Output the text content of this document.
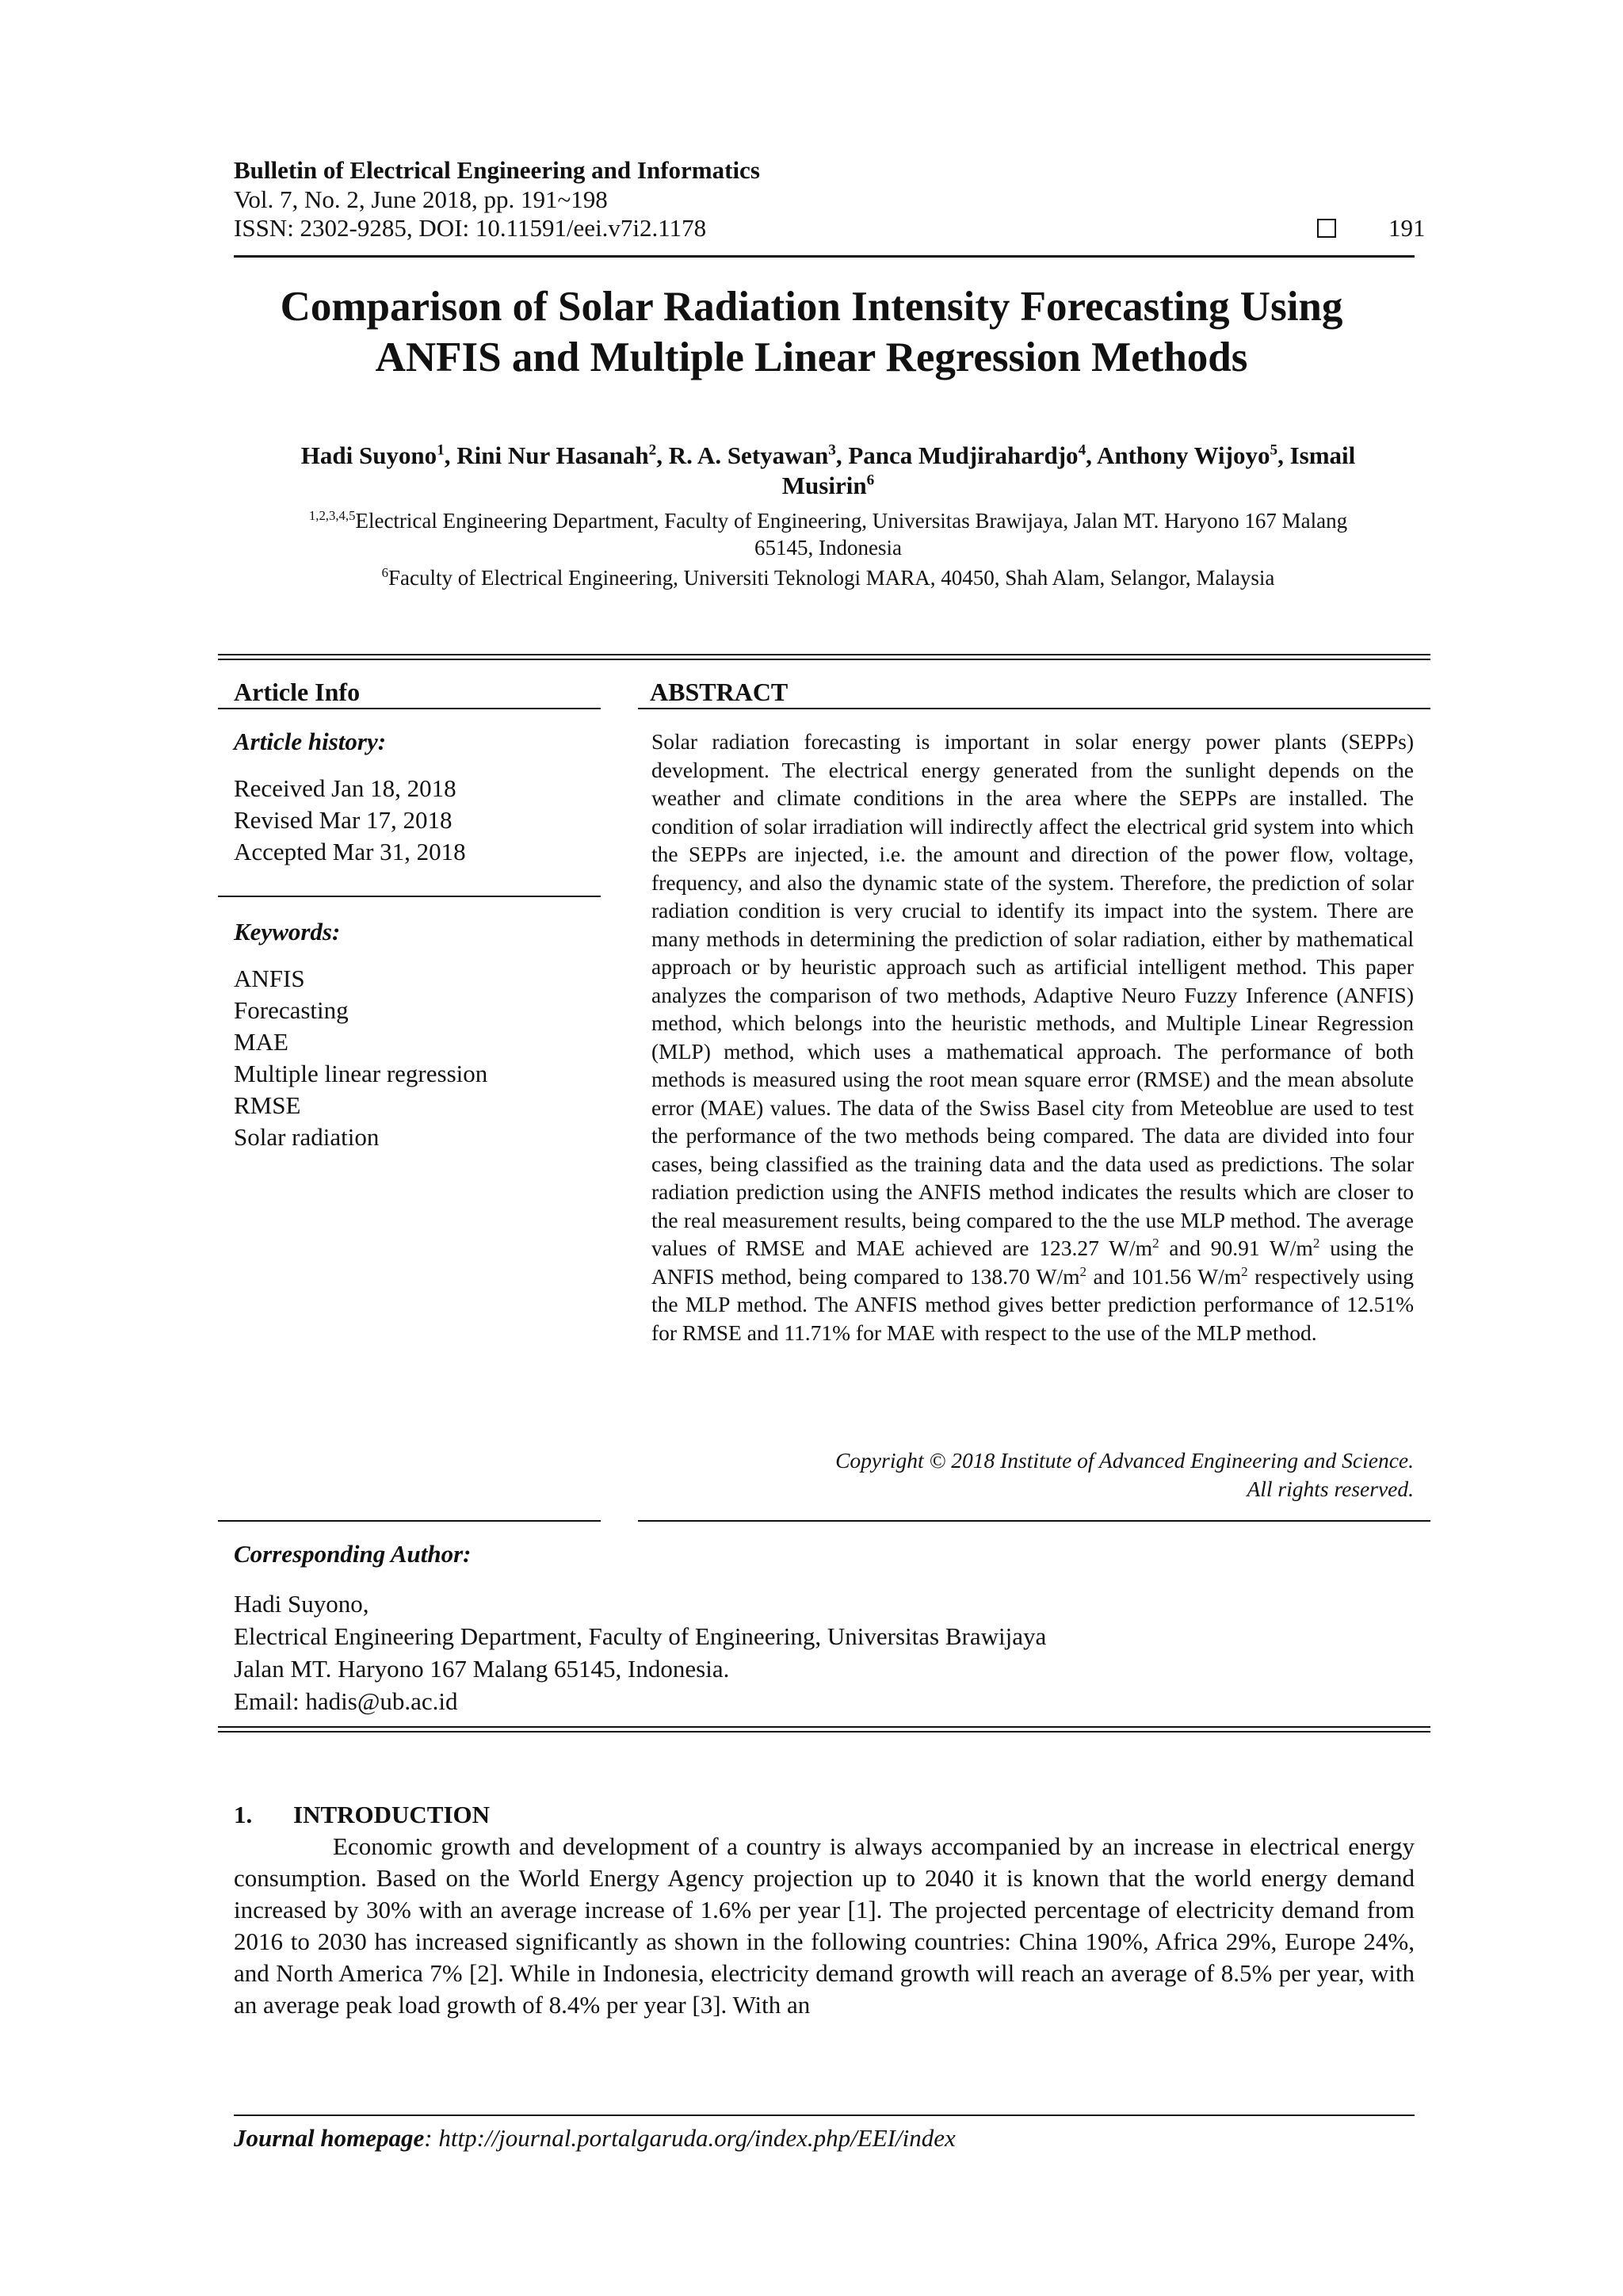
Bulletin of Electrical Engineering and Informatics
Vol. 7, No. 2, June 2018, pp. 191~198
ISSN: 2302-9285, DOI: 10.11591/eei.v7i2.1178	191
Comparison of Solar Radiation Intensity Forecasting Using
ANFIS and Multiple Linear Regression Methods
Hadi Suyono$^1$, Rini Nur Hasanah$^2$, R. A. Setyawan$^3$, Panca Mudjirahardjo$^4$, Anthony Wijoyo$^5$, Ismail
Musirin$^6$
$^{1,2,3,4,5}$Electrical Engineering Department, Faculty of Engineering, Universitas Brawijaya, Jalan MT. Haryono 167 Malang
65145, Indonesia
$^6$Faculty of Electrical Engineering, Universiti Teknologi MARA, 40450, Shah Alam, Selangor, Malaysia
Article Info
Article history:
Received Jan 18, 2018
Revised Mar 17, 2018
Accepted Mar 31, 2018
Keywords:
ANFIS
Forecasting
MAE
Multiple linear regression
RMSE
Solar radiation
ABSTRACT
Solar radiation forecasting is important in solar energy power plants (SEPPs) development. The electrical energy generated from the sunlight depends on the weather and climate conditions in the area where the SEPPs are installed. The condition of solar irradiation will indirectly affect the electrical grid system into which the SEPPs are injected, i.e. the amount and direction of the power flow, voltage, frequency, and also the dynamic state of the system. Therefore, the prediction of solar radiation condition is very crucial to identify its impact into the system. There are many methods in determining the prediction of solar radiation, either by mathematical approach or by heuristic approach such as artificial intelligent method. This paper analyzes the comparison of two methods, Adaptive Neuro Fuzzy Inference (ANFIS) method, which belongs into the heuristic methods, and Multiple Linear Regression (MLP) method, which uses a mathematical approach. The performance of both methods is measured using the root mean square error (RMSE) and the mean absolute error (MAE) values. The data of the Swiss Basel city from Meteoblue are used to test the performance of the two methods being compared. The data are divided into four cases, being classified as the training data and the data used as predictions. The solar radiation prediction using the ANFIS method indicates the results which are closer to the real measurement results, being compared to the the use MLP method. The average values of RMSE and MAE achieved are 123.27 $W/m^2$ and 90.91 $W/m^2$ using the ANFIS method, being compared to 138.70 $W/m^2$ and 101.56 $W/m^2$ respectively using the MLP method. The ANFIS method gives better prediction performance of 12.51% for RMSE and 11.71% for MAE with respect to the use of the MLP method.
Copyright © 2018 Institute of Advanced Engineering and Science.
All rights reserved.
Corresponding Author:
Hadi Suyono,
Electrical Engineering Department, Faculty of Engineering, Universitas Brawijaya
Jalan MT. Haryono 167 Malang 65145, Indonesia.
Email: hadis@ub.ac.id
1. INTRODUCTION
Economic growth and development of a country is always accompanied by an increase in electrical energy consumption. Based on the World Energy Agency projection up to 2040 it is known that the world energy demand increased by 30% with an average increase of 1.6% per year [1]. The projected percentage of electricity demand from 2016 to 2030 has increased significantly as shown in the following countries: China 190%, Africa 29%, Europe 24%, and North America 7% [2]. While in Indonesia, electricity demand growth will reach an average of 8.5% per year, with an average peak load growth of 8.4% per year [3]. With an
Journal homepage: http://journal.portalgaruda.org/index.php/EEI/index
